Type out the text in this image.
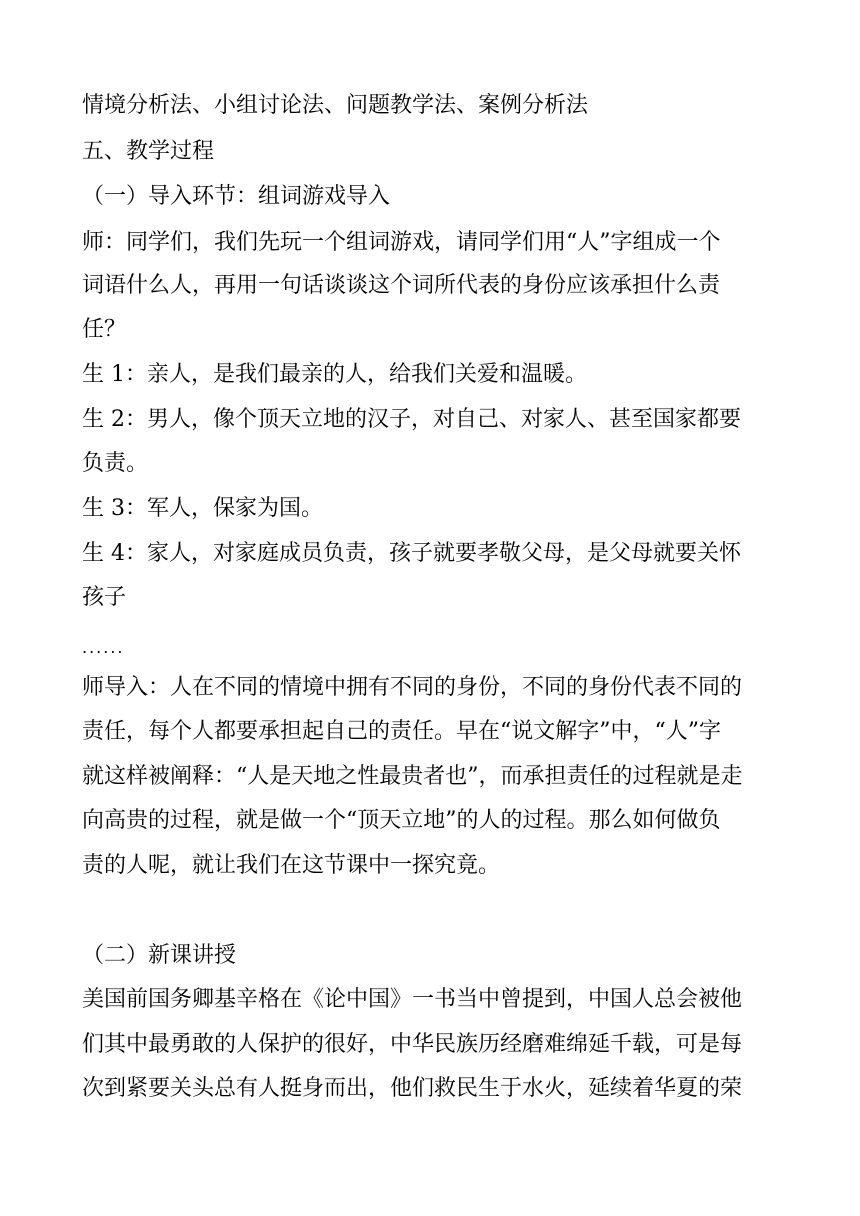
情境分析法、小组讨论法、问题教学法、案例分析法
五、教学过程
（一）导入环节：组词游戏导入
师：同学们，我们先玩一个组词游戏，请同学们用“人”字组成一个
词语什么人，再用一句话谈谈这个词所代表的身份应该承担什么责
任？
生 1：亲人，是我们最亲的人，给我们关爱和温暖。
生 2：男人，像个顶天立地的汉子，对自己、对家人、甚至国家都要
负责。
生 3：军人，保家为国。
生 4：家人，对家庭成员负责，孩子就要孝敬父母，是父母就要关怀
孩子
......
师导入：人在不同的情境中拥有不同的身份，不同的身份代表不同的
责任，每个人都要承担起自己的责任。早在“说文解字”中，“人”字
就这样被阐释：“人是天地之性最贵者也”，而承担责任的过程就是走
向高贵的过程，就是做一个“顶天立地”的人的过程。那么如何做负
责的人呢，就让我们在这节课中一探究竟。
（二）新课讲授
美国前国务卿基辛格在《论中国》一书当中曾提到，中国人总会被他
们其中最勇敢的人保护的很好，中华民族历经磨难绵延千载，可是每
次到紧要关头总有人挺身而出，他们救民生于水火，延续着华夏的荣
